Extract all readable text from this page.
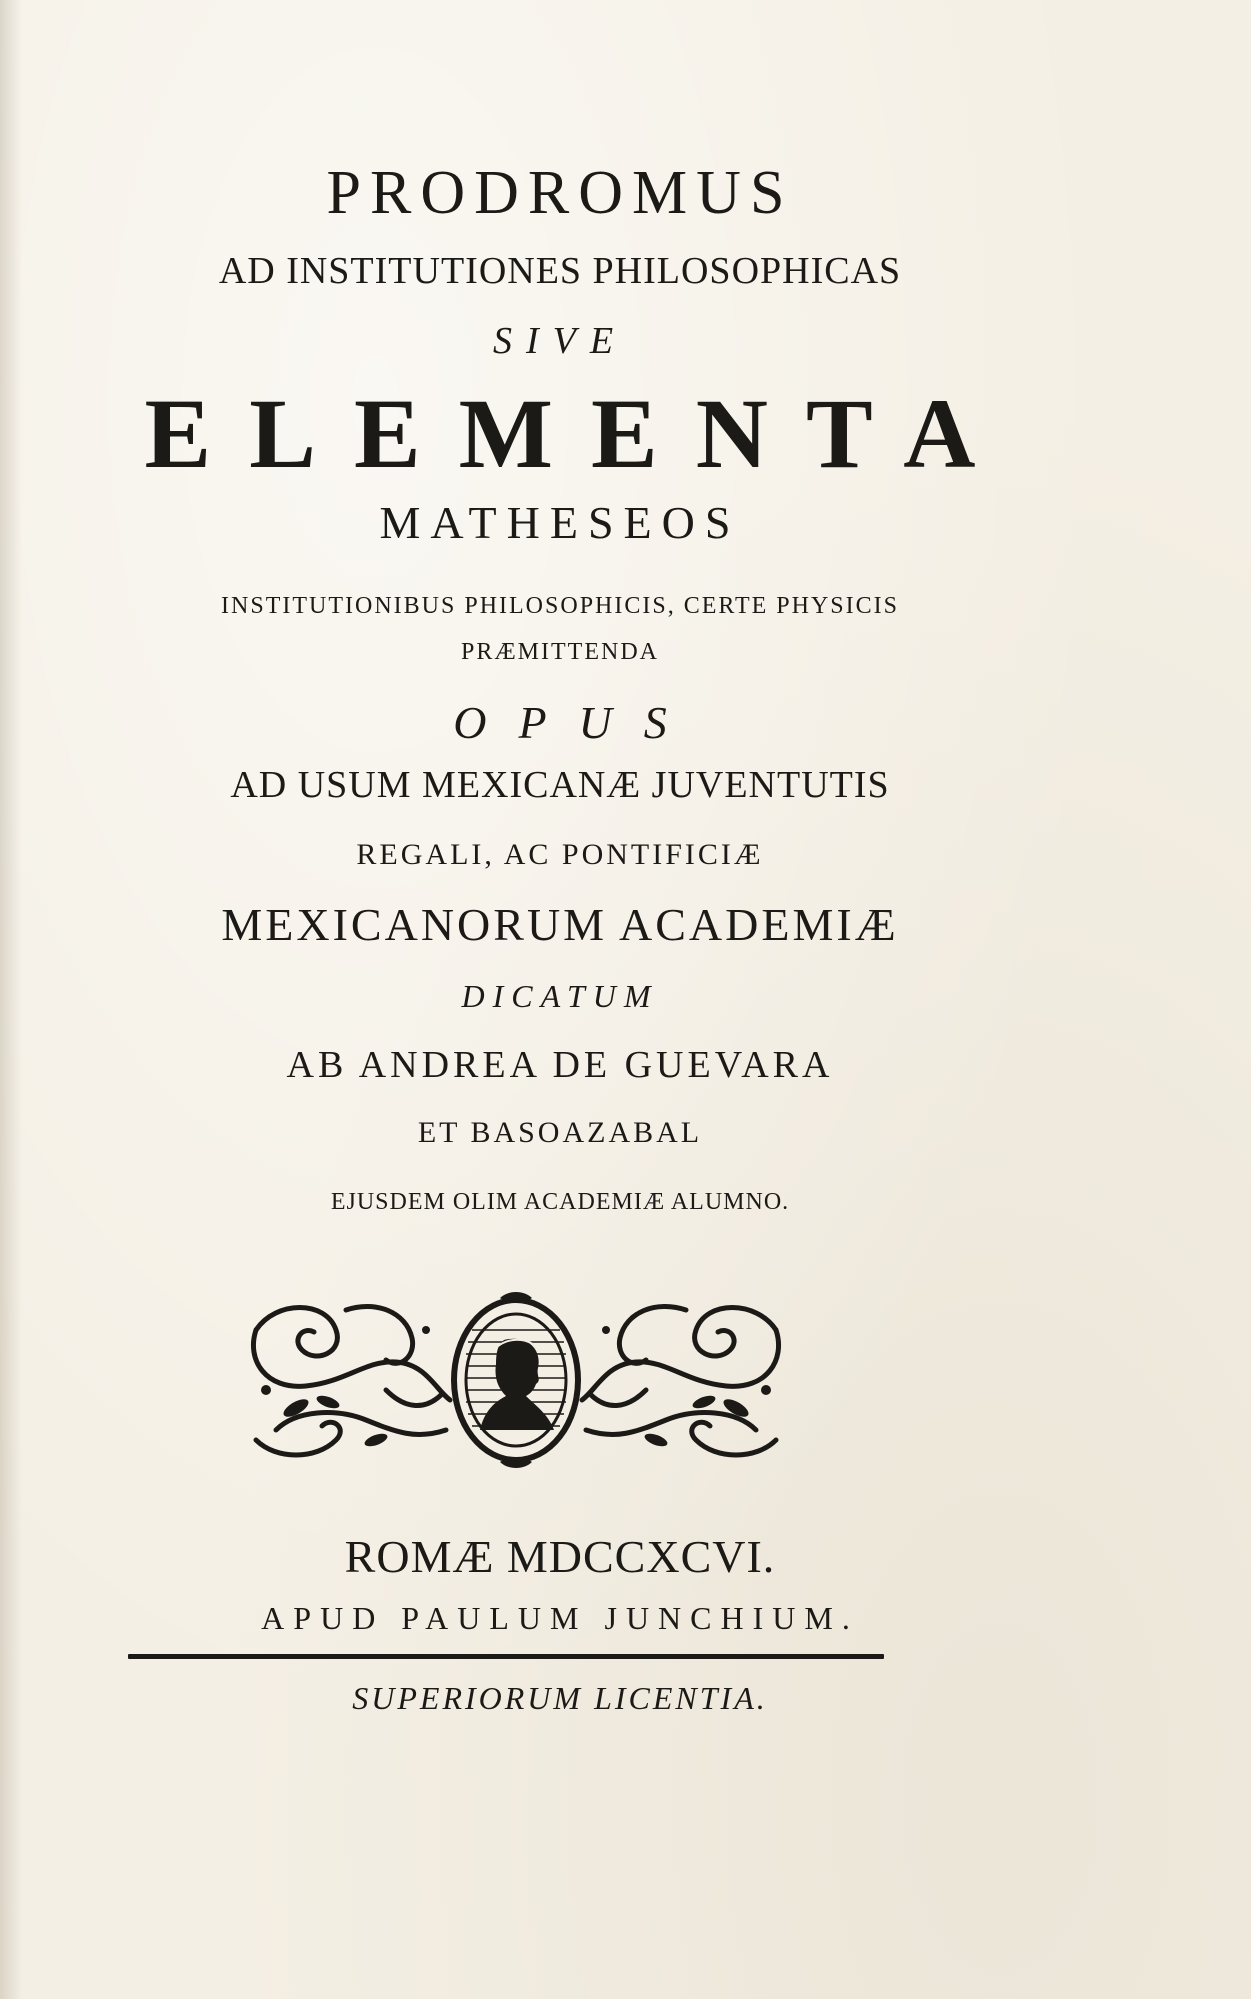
PRODROMUS
AD INSTITUTIONES PHILOSOPHICAS
SIVE
ELEMENTA
MATHESEOS
INSTITUTIONIBUS PHILOSOPHICIS, CERTE PHYSICIS
PRÆMITTENDA
OPUS
AD USUM MEXICANÆ JUVENTUTIS
REGALI, AC PONTIFICIÆ
MEXICANORUM ACADEMIÆ
DICATUM
AB ANDREA DE GUEVARA
ET BASOAZABAL
EJUSDEM OLIM ACADEMIÆ ALUMNO.
ROMÆ MDCCXCVI.
APUD PAULUM JUNCHIUM.
SUPERIORUM LICENTIA.
